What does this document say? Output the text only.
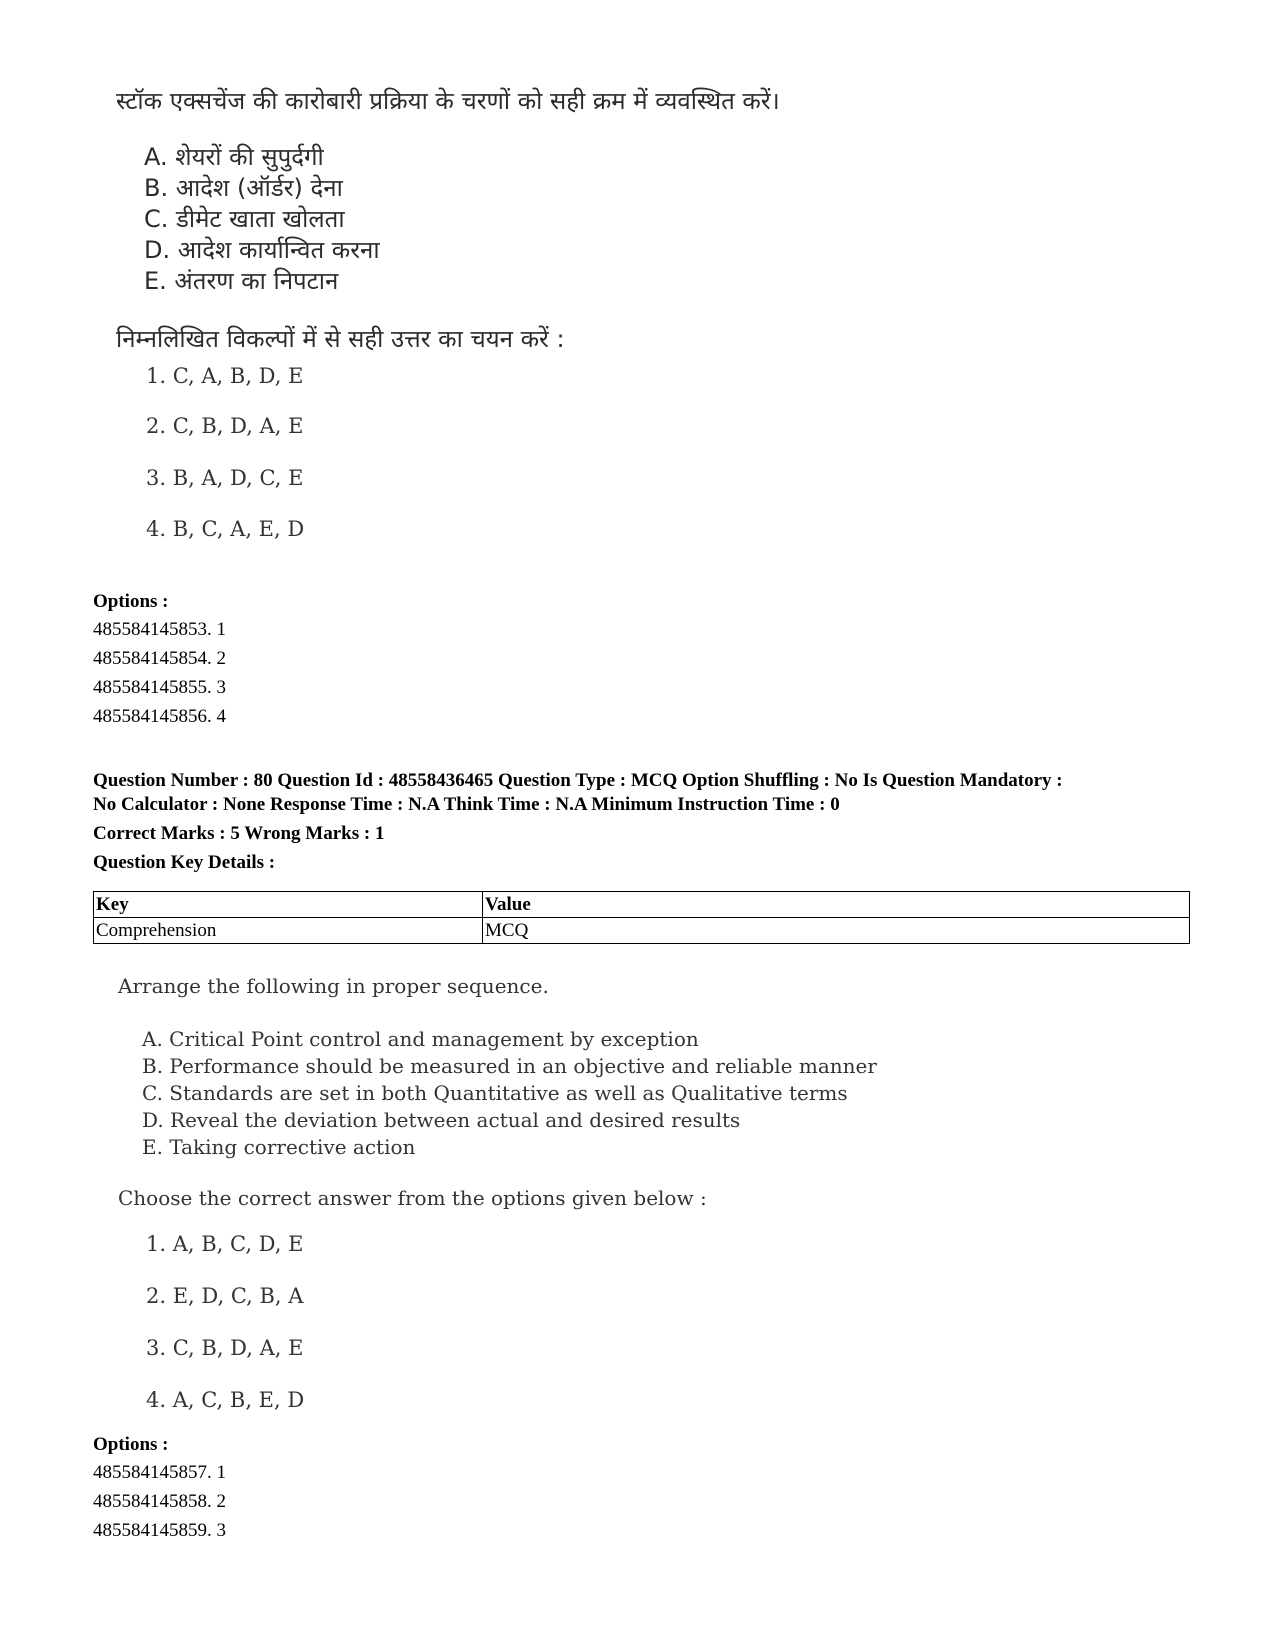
स्टॉक एक्सचेंज की कारोबारी प्रक्रिया के चरणों को सही क्रम में व्यवस्थित करें।
A. शेयरों की सुपुर्दगी
B. आदेश (ऑर्डर) देना
C. डीमेट खाता खोलता
D. आदेश कार्यान्वित करना
E. अंतरण का निपटान
निम्नलिखित विकल्पों में से सही उत्तर का चयन करें :
1. C, A, B, D, E
2. C, B, D, A, E
3. B, A, D, C, E
4. B, C, A, E, D
Options :
485584145853. 1
485584145854. 2
485584145855. 3
485584145856. 4
Question Number : 80 Question Id : 48558436465 Question Type : MCQ Option Shuffling : No Is Question Mandatory :
No Calculator : None Response Time : N.A Think Time : N.A Minimum Instruction Time : 0
Correct Marks : 5 Wrong Marks : 1
Question Key Details :
Key	Value
Comprehension	MCQ
Arrange the following in proper sequence.
A. Critical Point control and management by exception
B. Performance should be measured in an objective and reliable manner
C. Standards are set in both Quantitative as well as Qualitative terms
D. Reveal the deviation between actual and desired results
E. Taking corrective action
Choose the correct answer from the options given below :
1. A, B, C, D, E
2. E, D, C, B, A
3. C, B, D, A, E
4. A, C, B, E, D
Options :
485584145857. 1
485584145858. 2
485584145859. 3
